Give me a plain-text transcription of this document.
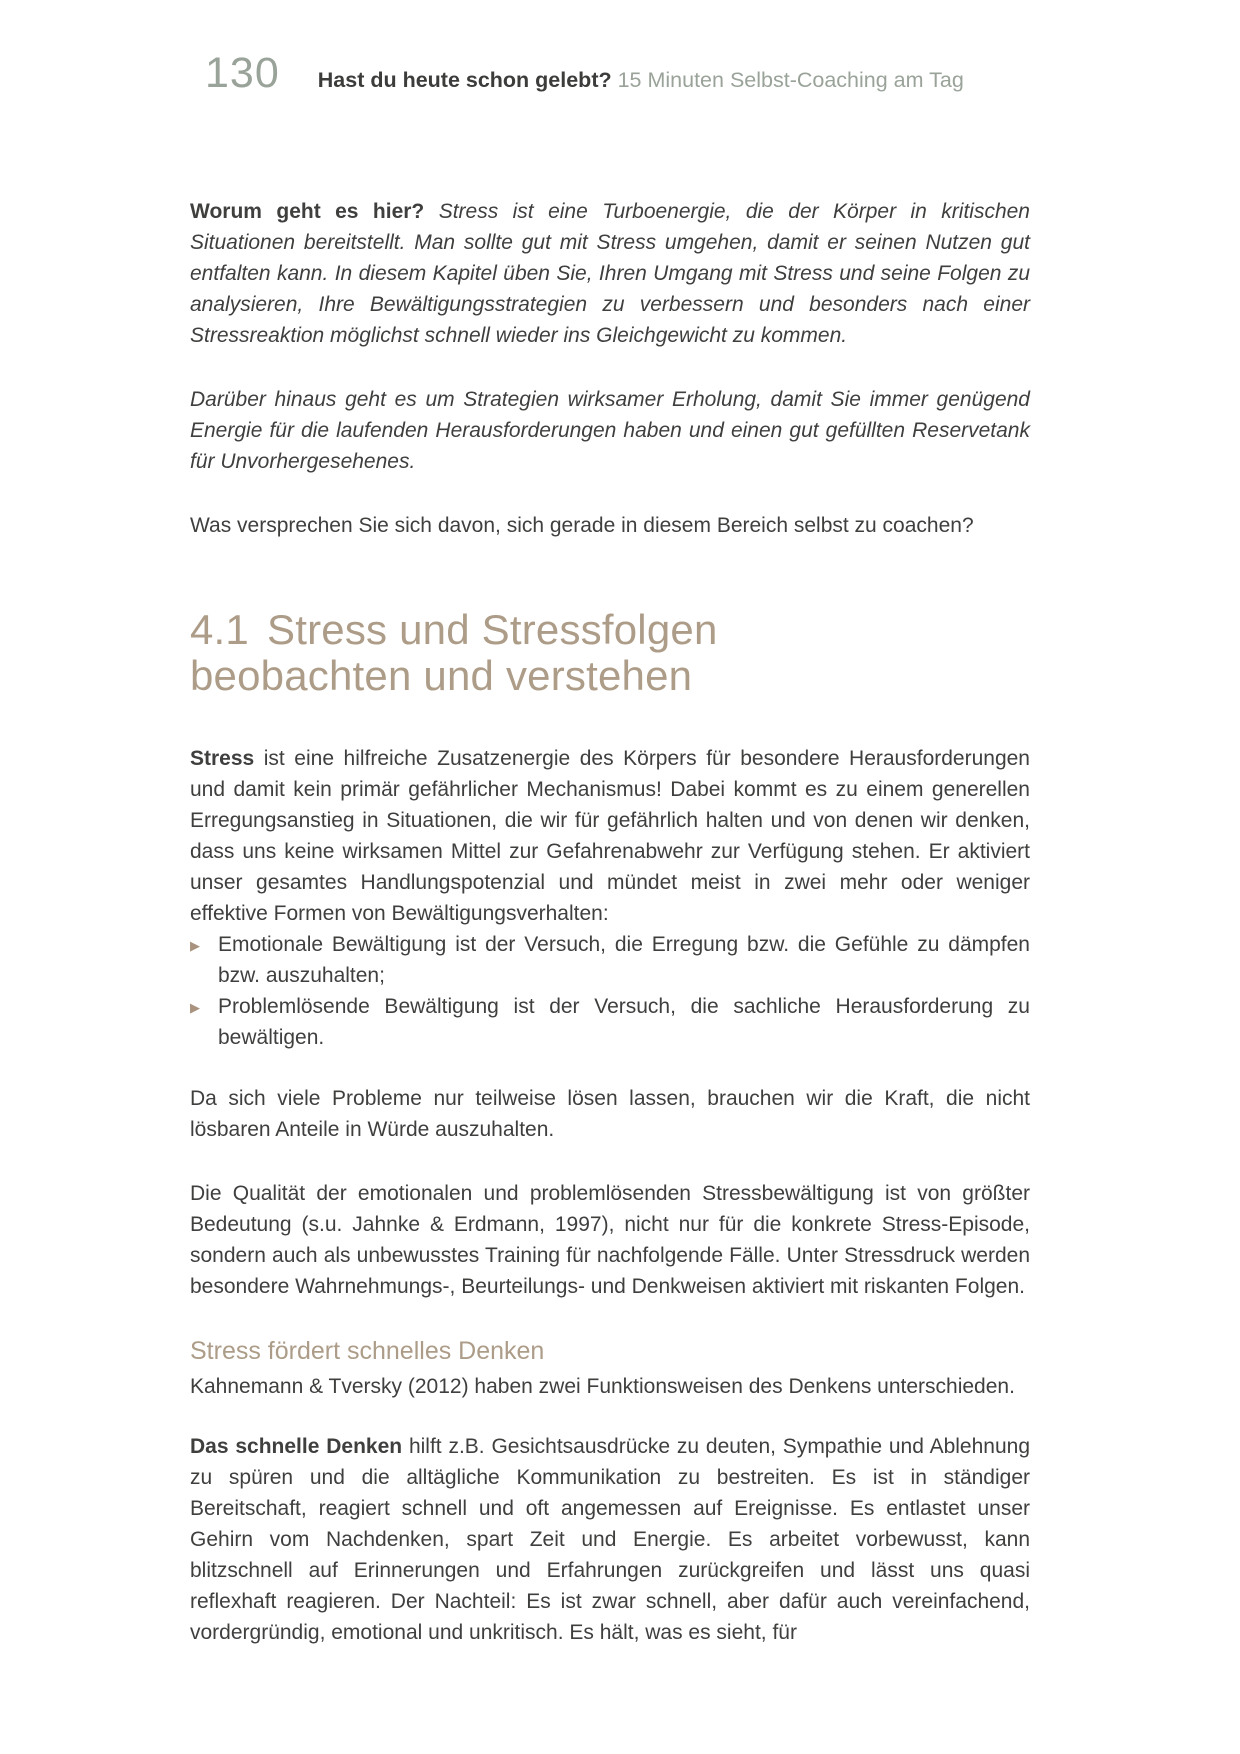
130 Hast du heute schon gelebt? 15 Minuten Selbst-Coaching am Tag

Worum geht es hier? Stress ist eine Turboenergie, die der Körper in kritischen Situationen bereitstellt. Man sollte gut mit Stress umgehen, damit er seinen Nutzen gut entfalten kann. In diesem Kapitel üben Sie, Ihren Umgang mit Stress und seine Folgen zu analysieren, Ihre Bewältigungsstrategien zu verbessern und besonders nach einer Stressreaktion möglichst schnell wieder ins Gleichgewicht zu kommen.

Darüber hinaus geht es um Strategien wirksamer Erholung, damit Sie immer genügend Energie für die laufenden Herausforderungen haben und einen gut gefüllten Reservetank für Unvorhergesehenes.

Was versprechen Sie sich davon, sich gerade in diesem Bereich selbst zu coachen?

4.1 Stress und Stressfolgen
beobachten und verstehen

Stress ist eine hilfreiche Zusatzenergie des Körpers für besondere Herausforderungen und damit kein primär gefährlicher Mechanismus! Dabei kommt es zu einem generellen Erregungsanstieg in Situationen, die wir für gefährlich halten und von denen wir denken, dass uns keine wirksamen Mittel zur Gefahrenabwehr zur Verfügung stehen. Er aktiviert unser gesamtes Handlungspotenzial und mündet meist in zwei mehr oder weniger effektive Formen von Bewältigungsverhalten:

▶ Emotionale Bewältigung ist der Versuch, die Erregung bzw. die Gefühle zu dämpfen bzw. auszuhalten;
▶ Problemlösende Bewältigung ist der Versuch, die sachliche Herausforderung zu bewältigen.

Da sich viele Probleme nur teilweise lösen lassen, brauchen wir die Kraft, die nicht lösbaren Anteile in Würde auszuhalten.

Die Qualität der emotionalen und problemlösenden Stressbewältigung ist von größter Bedeutung (s.u. Jahnke & Erdmann, 1997), nicht nur für die konkrete Stress-Episode, sondern auch als unbewusstes Training für nachfolgende Fälle. Unter Stressdruck werden besondere Wahrnehmungs-, Beurteilungs- und Denkweisen aktiviert mit riskanten Folgen.

Stress fördert schnelles Denken

Kahnemann & Tversky (2012) haben zwei Funktionsweisen des Denkens unterschieden.

Das schnelle Denken hilft z.B. Gesichtsausdrücke zu deuten, Sympathie und Ablehnung zu spüren und die alltägliche Kommunikation zu bestreiten. Es ist in ständiger Bereitschaft, reagiert schnell und oft angemessen auf Ereignisse. Es entlastet unser Gehirn vom Nachdenken, spart Zeit und Energie. Es arbeitet vorbewusst, kann blitzschnell auf Erinnerungen und Erfahrungen zurückgreifen und lässt uns quasi reflexhaft reagieren. Der Nachteil: Es ist zwar schnell, aber dafür auch vereinfachend, vordergründig, emotional und unkritisch. Es hält, was es sieht, für
